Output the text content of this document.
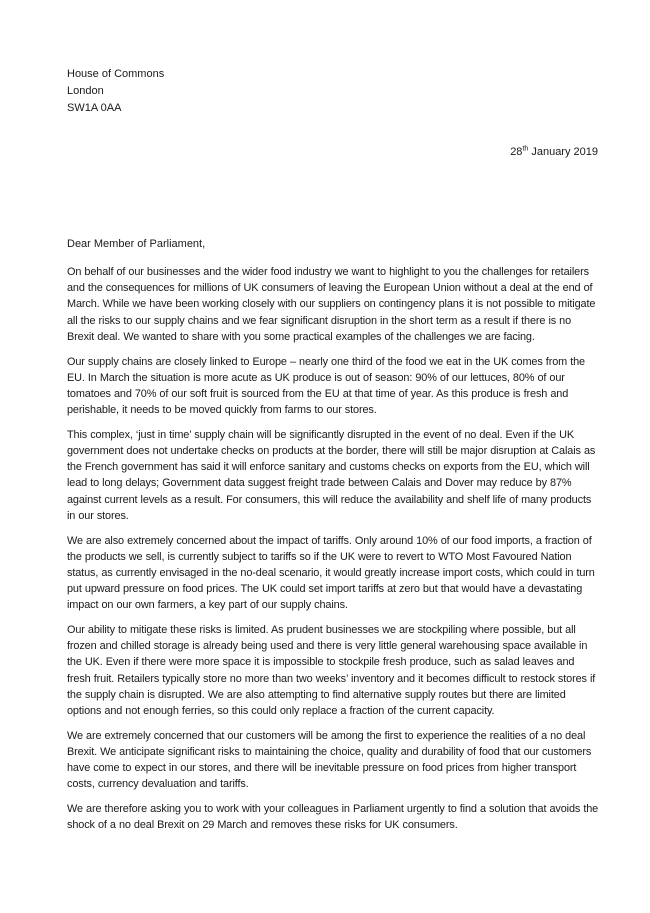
House of Commons
London
SW1A 0AA
28th January 2019
Dear Member of Parliament,

On behalf of our businesses and the wider food industry we want to highlight to you the challenges for retailers and the consequences for millions of UK consumers of leaving the European Union without a deal at the end of March. While we have been working closely with our suppliers on contingency plans it is not possible to mitigate all the risks to our supply chains and we fear significant disruption in the short term as a result if there is no Brexit deal. We wanted to share with you some practical examples of the challenges we are facing.

Our supply chains are closely linked to Europe – nearly one third of the food we eat in the UK comes from the EU. In March the situation is more acute as UK produce is out of season: 90% of our lettuces, 80% of our tomatoes and 70% of our soft fruit is sourced from the EU at that time of year. As this produce is fresh and perishable, it needs to be moved quickly from farms to our stores.

This complex, ‘just in time’ supply chain will be significantly disrupted in the event of no deal. Even if the UK government does not undertake checks on products at the border, there will still be major disruption at Calais as the French government has said it will enforce sanitary and customs checks on exports from the EU, which will lead to long delays; Government data suggest freight trade between Calais and Dover may reduce by 87% against current levels as a result. For consumers, this will reduce the availability and shelf life of many products in our stores.

We are also extremely concerned about the impact of tariffs. Only around 10% of our food imports, a fraction of the products we sell, is currently subject to tariffs so if the UK were to revert to WTO Most Favoured Nation status, as currently envisaged in the no-deal scenario, it would greatly increase import costs, which could in turn put upward pressure on food prices. The UK could set import tariffs at zero but that would have a devastating impact on our own farmers, a key part of our supply chains.

Our ability to mitigate these risks is limited. As prudent businesses we are stockpiling where possible, but all frozen and chilled storage is already being used and there is very little general warehousing space available in the UK. Even if there were more space it is impossible to stockpile fresh produce, such as salad leaves and fresh fruit. Retailers typically store no more than two weeks’ inventory and it becomes difficult to restock stores if the supply chain is disrupted. We are also attempting to find alternative supply routes but there are limited options and not enough ferries, so this could only replace a fraction of the current capacity.

We are extremely concerned that our customers will be among the first to experience the realities of a no deal Brexit. We anticipate significant risks to maintaining the choice, quality and durability of food that our customers have come to expect in our stores, and there will be inevitable pressure on food prices from higher transport costs, currency devaluation and tariffs.

We are therefore asking you to work with your colleagues in Parliament urgently to find a solution that avoids the shock of a no deal Brexit on 29 March and removes these risks for UK consumers.
